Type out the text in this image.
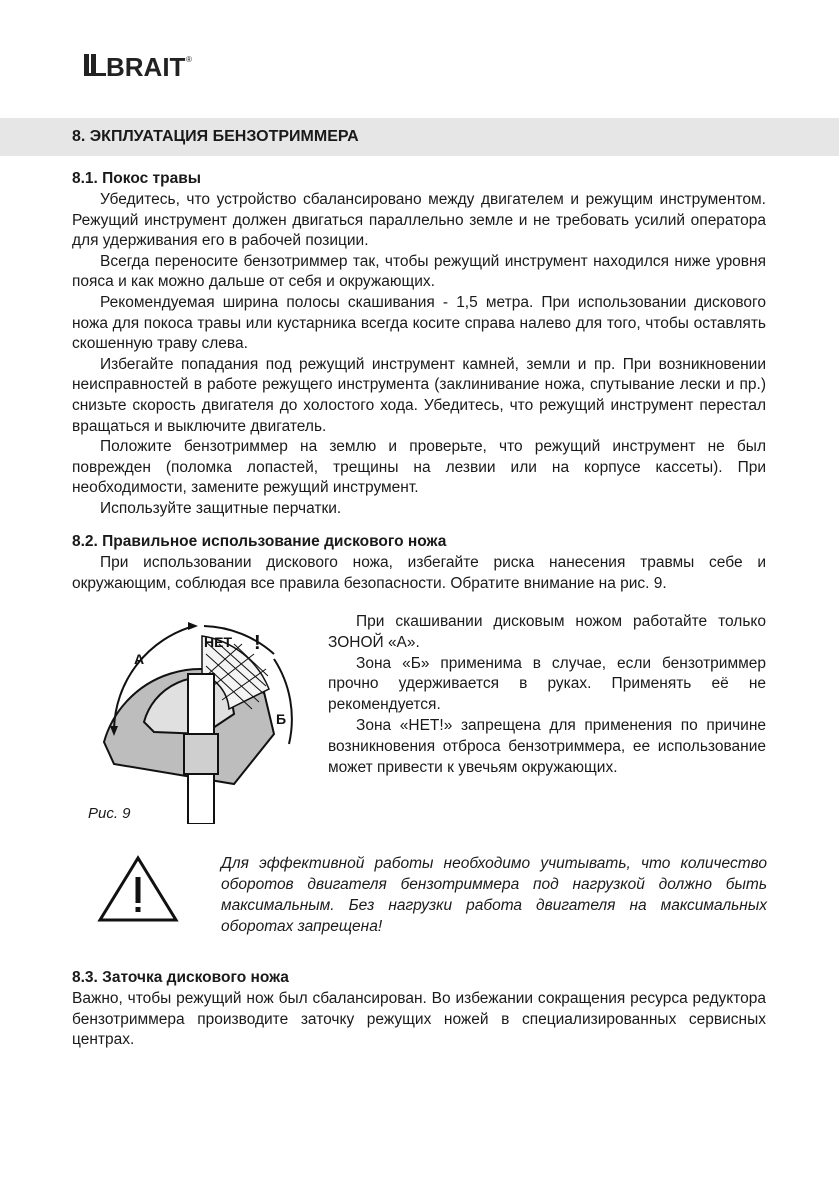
BRAIT ®
8. ЭКПЛУАТАЦИЯ БЕНЗОТРИММЕРА
8.1. Покос травы

Убедитесь, что устройство сбалансировано между двигателем и режущим инструментом. Режущий инструмент должен двигаться параллельно земле и не требовать усилий оператора для удерживания его в рабочей позиции.

Всегда переносите бензотриммер так, чтобы режущий инструмент находился ниже уровня пояса и как можно дальше от себя и окружающих.

Рекомендуемая ширина полосы скашивания - 1,5 метра. При использовании дискового ножа для покоса травы или кустарника всегда косите справа налево для того, чтобы оставлять скошенную траву слева.

Избегайте попадания под режущий инструмент камней, земли и пр. При возникновении неисправностей в работе режущего инструмента (заклинивание ножа, спутывание лески и пр.) снизьте скорость двигателя до холостого хода. Убедитесь, что режущий инструмент перестал вращаться и выключите двигатель.

Положите бензотриммер на землю и проверьте, что режущий инструмент не был поврежден (поломка лопастей, трещины на лезвии или на корпусе кассеты). При необходимости, замените режущий инструмент.

Используйте защитные перчатки.

8.2. Правильное использование дискового ножа

При использовании дискового ножа, избегайте риска нанесения травмы себе и окружающим, соблюдая все правила безопасности. Обратите внимание на рис. 9.

НЕТ !
А
Б
Рис. 9

При скашивании дисковым ножом работайте только ЗОНОЙ «А».

Зона «Б» применима в случае, если бензотриммер прочно удерживается в руках. Применять её не рекомендуется.

Зона «НЕТ!» запрещена для применения по причине возникновения отброса бензотриммера, ее использование может привести к увечьям окружающих.

Для эффективной работы необходимо учитывать, что количество оборотов двигателя бензотриммера под нагрузкой должно быть максимальным. Без нагрузки работа двигателя на максимальных оборотах запрещена!
8.3. Заточка дискового ножа

Важно, чтобы режущий нож был сбалансирован. Во избежании сокращения ресурса редуктора бензотриммера производите заточку режущих ножей в специализированных сервисных центрах.
